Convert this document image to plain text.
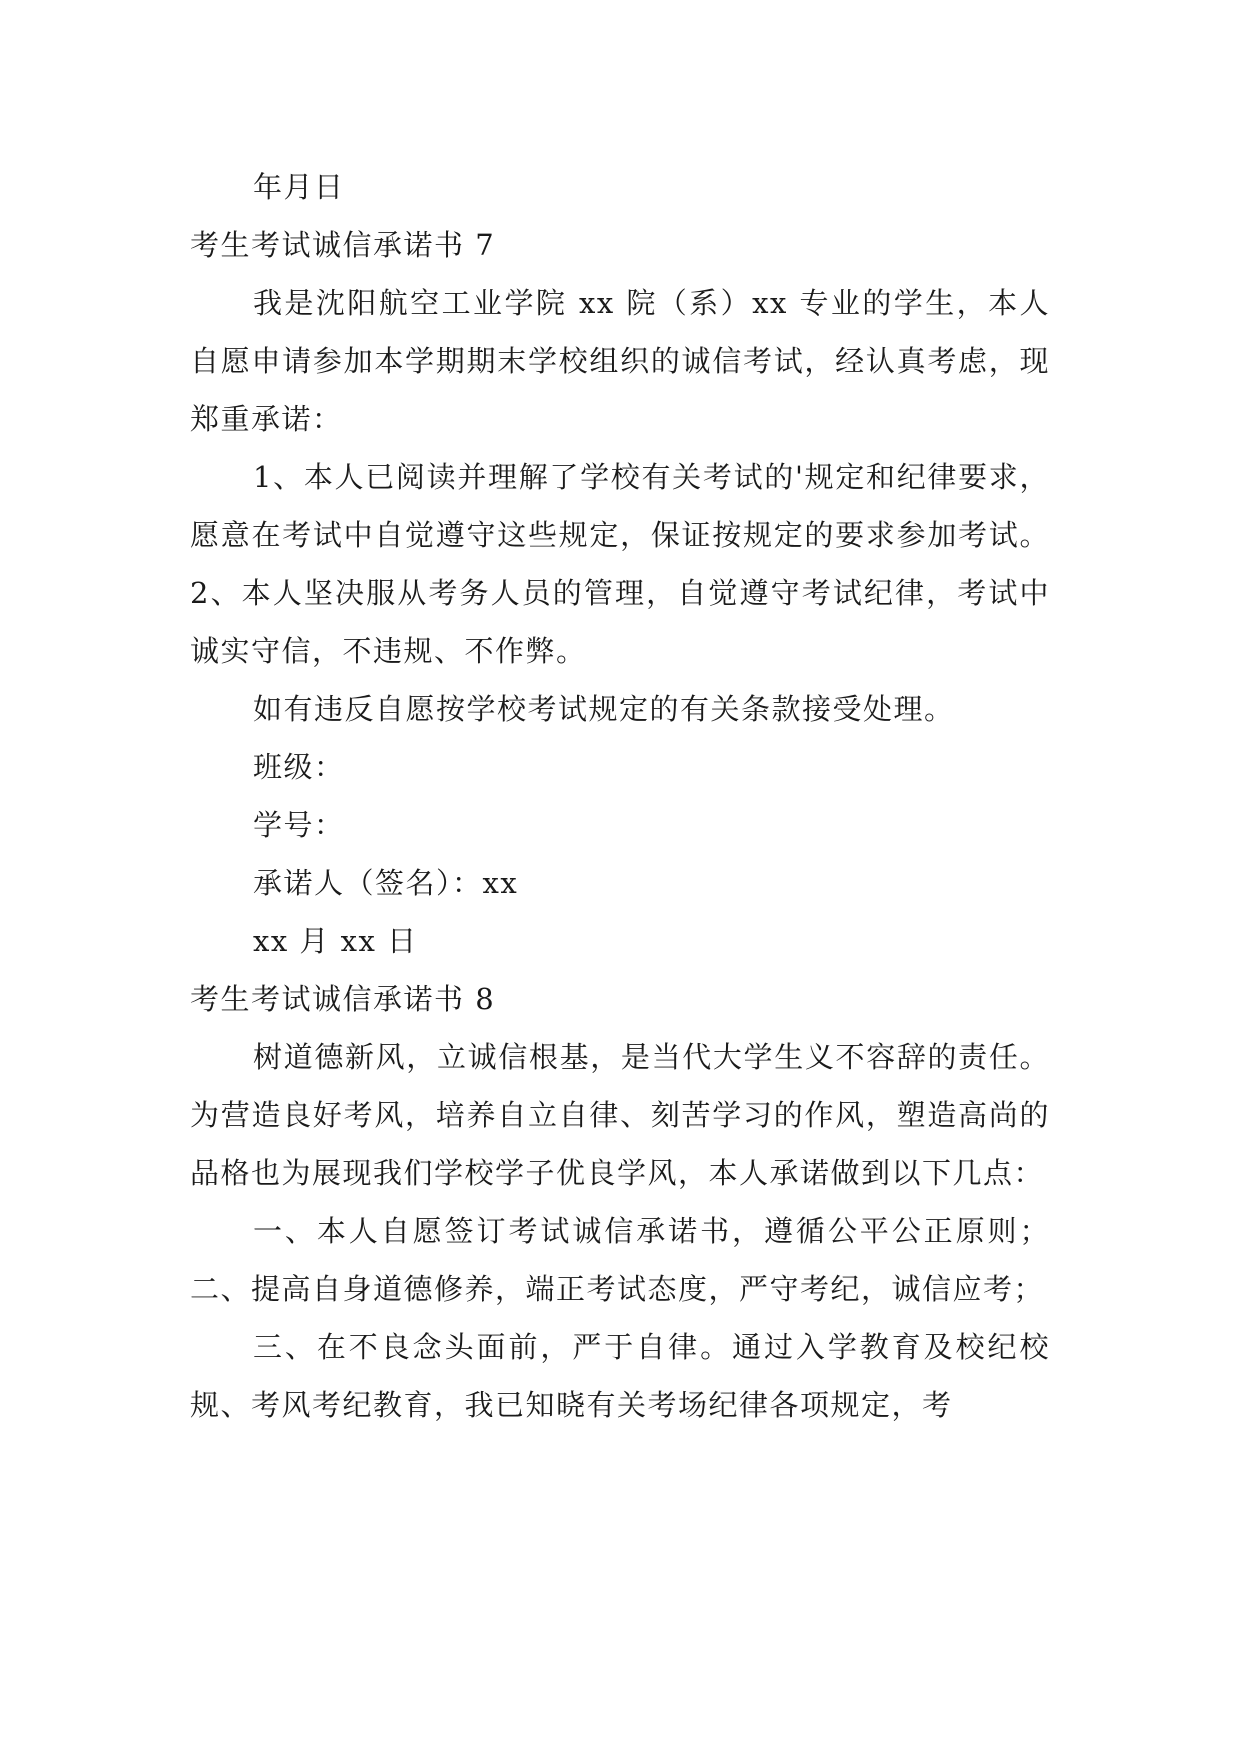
年月日

考生考试诚信承诺书 7

我是沈阳航空工业学院 xx 院（系）xx 专业的学生，本人自愿申请参加本学期期末学校组织的诚信考试，经认真考虑，现郑重承诺：

1、本人已阅读并理解了学校有关考试的'规定和纪律要求，愿意在考试中自觉遵守这些规定，保证按规定的要求参加考试。2、本人坚决服从考务人员的管理，自觉遵守考试纪律，考试中诚实守信，不违规、不作弊。

如有违反自愿按学校考试规定的有关条款接受处理。

班级：

学号：

承诺人（签名）：xx

xx 月 xx 日

考生考试诚信承诺书 8

树道德新风，立诚信根基，是当代大学生义不容辞的责任。为营造良好考风，培养自立自律、刻苦学习的作风，塑造高尚的品格也为展现我们学校学子优良学风，本人承诺做到以下几点：

一、本人自愿签订考试诚信承诺书，遵循公平公正原则；二、提高自身道德修养，端正考试态度，严守考纪，诚信应考；

三、在不良念头面前，严于自律。通过入学教育及校纪校规、考风考纪教育，我已知晓有关考场纪律各项规定，考
